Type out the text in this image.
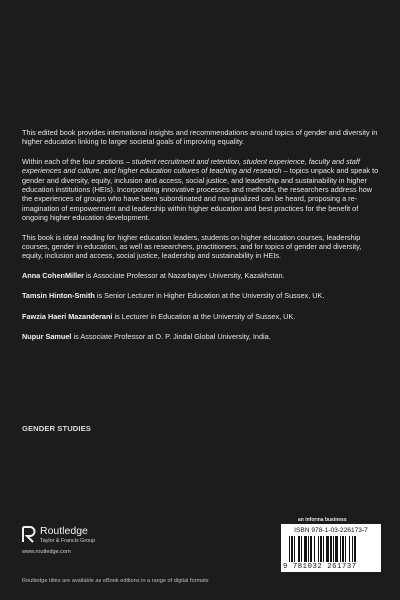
This edited book provides international insights and recommendations around topics of gender and diversity in higher education linking to larger societal goals of improving equality.

Within each of the four sections – student recruitment and retention, student experience, faculty and staff experiences and culture, and higher education cultures of teaching and research – topics unpack and speak to gender and diversity, equity, inclusion and access, social justice, and leadership and sustainability in higher education institutions (HEIs). Incorporating innovative processes and methods, the researchers address how the experiences of groups who have been subordinated and marginalized can be heard, proposing a re-imagination of empowerment and leadership within higher education and best practices for the benefit of ongoing higher education development.

This book is ideal reading for higher education leaders, students on higher education courses, leadership courses, gender in education, as well as researchers, practitioners, and for topics of gender and diversity, equity, inclusion and access, social justice, leadership and sustainability in HEIs.

Anna CohenMiller is Associate Professor at Nazarbayev University, Kazakhstan.
Tamsin Hinton-Smith is Senior Lecturer in Higher Education at the University of Sussex, UK.
Fawzia Haeri Mazanderani is Lecturer in Education at the University of Sussex, UK.
Nupur Samuel is Associate Professor at O. P. Jindal Global University, India.
GENDER STUDIES
Routledge
Taylor & Francis Group
www.routledge.com
an informa business
ISBN 978-1-03-226173-7
9 781032 261737
Routledge titles are available as eBook editions in a range of digital formats
